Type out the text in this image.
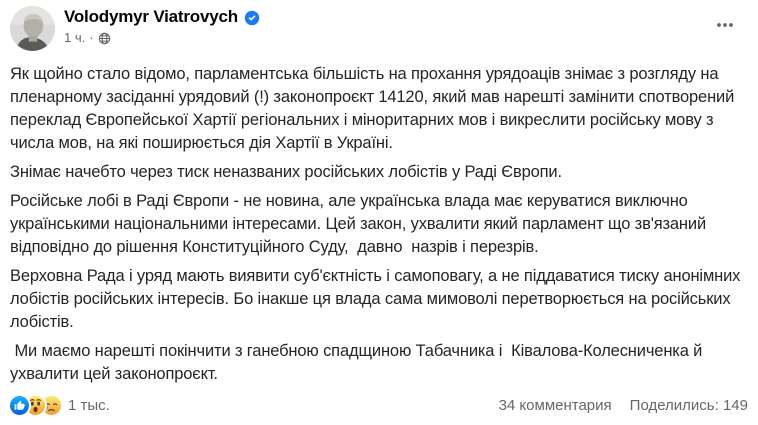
Volodymyr Viatrovych
1 ч. ·

Як щойно стало відомо, парламентська більшість на прохання урядоаців знімає з розгляду на пленарному засіданні урядовий (!) законопроєкт 14120, який мав нарешті замінити спотворений переклад Європейської Хартії регіональних і міноритарних мов і викреслити російську мову з числа мов, на які поширюється дія Хартії в Україні.

Знімає начебто через тиск неназваних російських лобістів у Раді Європи.

Російське лобі в Раді Європи - не новина, але українська влада має керуватися виключно українськими національними інтересами. Цей закон, ухвалити який парламент що зв'язаний відповідно до рішення Конституційного Суду,  давно  назрів і перезрів.

Верховна Рада і уряд мають виявити суб'єктність і самоповагу, а не піддаватися тиску анонімних  лобістів російських інтересів. Бо інакше ця влада сама мимоволі перетворюється на російських лобістів.

Ми маємо нарешті покінчити з ганебною спадщиною Табачника і  Ківалова-Колесниченка й ухвалити цей законопроєкт.

1 тыс.	34 комментария Поделились: 149
